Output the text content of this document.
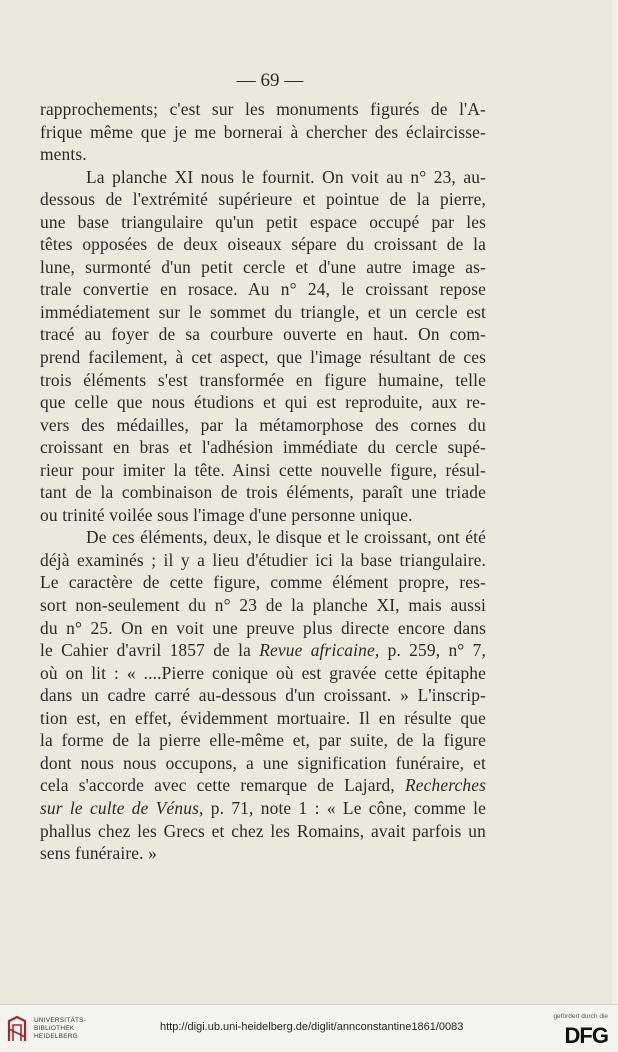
— 69 —
rapprochements; c'est sur les monuments figurés de l'A-
frique même que je me bornerai à chercher des éclaircisse-
ments.
La planche XI nous le fournit. On voit au n° 23, au-
dessous de l'extrémité supérieure et pointue de la pierre,
une base triangulaire qu'un petit espace occupé par les
têtes opposées de deux oiseaux sépare du croissant de la
lune, surmonté d'un petit cercle et d'une autre image as-
trale convertie en rosace. Au n° 24, le croissant repose
immédiatement sur le sommet du triangle, et un cercle est
tracé au foyer de sa courbure ouverte en haut. On com-
prend facilement, à cet aspect, que l'image résultant de ces
trois éléments s'est transformée en figure humaine, telle
que celle que nous étudions et qui est reproduite, aux re-
vers des médailles, par la métamorphose des cornes du
croissant en bras et l'adhésion immédiate du cercle supé-
rieur pour imiter la tête. Ainsi cette nouvelle figure, résul-
tant de la combinaison de trois éléments, paraît une triade
ou trinité voilée sous l'image d'une personne unique.
De ces éléments, deux, le disque et le croissant, ont été
déjà examinés ; il y a lieu d'étudier ici la base triangulaire.
Le caractère de cette figure, comme élément propre, res-
sort non-seulement du n° 23 de la planche XI, mais aussi
du n° 25. On en voit une preuve plus directe encore dans
le Cahier d'avril 1857 de la Revue africaine, p. 259, n° 7,
où on lit : « ....Pierre conique où est gravée cette épitaphe
dans un cadre carré au-dessous d'un croissant. » L'inscrip-
tion est, en effet, évidemment mortuaire. Il en résulte que
la forme de la pierre elle-même et, par suite, de la figure
dont nous nous occupons, a une signification funéraire, et
cela s'accorde avec cette remarque de Lajard, Recherches
sur le culte de Vénus, p. 71, note 1 : « Le cône, comme le
phallus chez les Grecs et chez les Romains, avait parfois un
sens funéraire. »
UNIVERSITÄTS-
BIBLIOTHEK
HEIDELBERG
http://digi.ub.uni-heidelberg.de/diglit/annconstantine1861/0083
gefördert durch die
DFG
